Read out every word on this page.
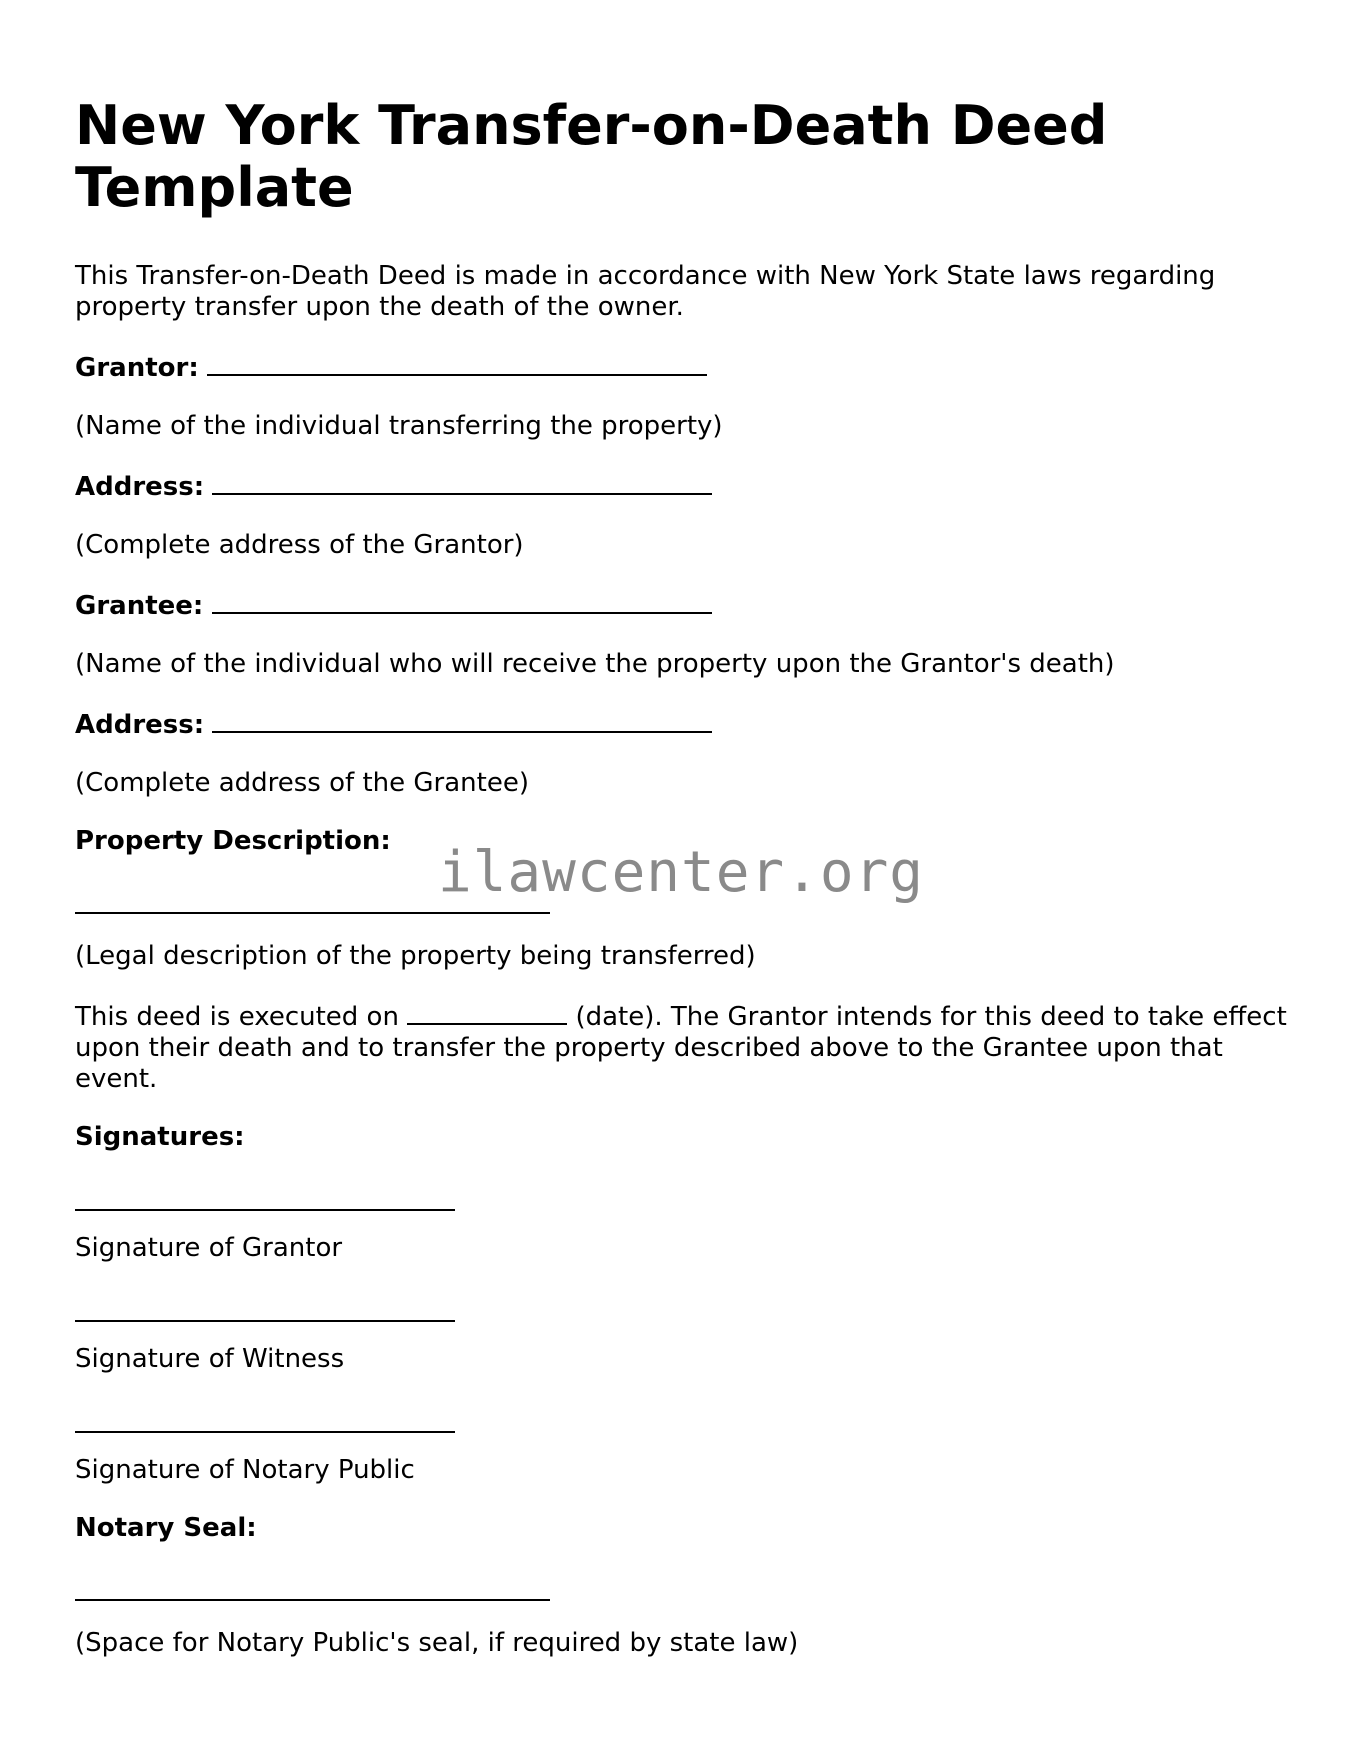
New York Transfer-on-Death Deed Template

This Transfer-on-Death Deed is made in accordance with New York State laws regarding property transfer upon the death of the owner.

Grantor:

(Name of the individual transferring the property)

Address:

(Complete address of the Grantor)

Grantee:

(Name of the individual who will receive the property upon the Grantor's death)

Address:

(Complete address of the Grantee)

Property Description:

(Legal description of the property being transferred)

This deed is executed on	(date). The Grantor intends for this deed to take effect upon their death and to transfer the property described above to the Grantee upon that event.

Signatures:

Signature of Grantor

Signature of Witness

Signature of Notary Public

Notary Seal:

(Space for Notary Public's seal, if required by state law)

ilawcenter.org
